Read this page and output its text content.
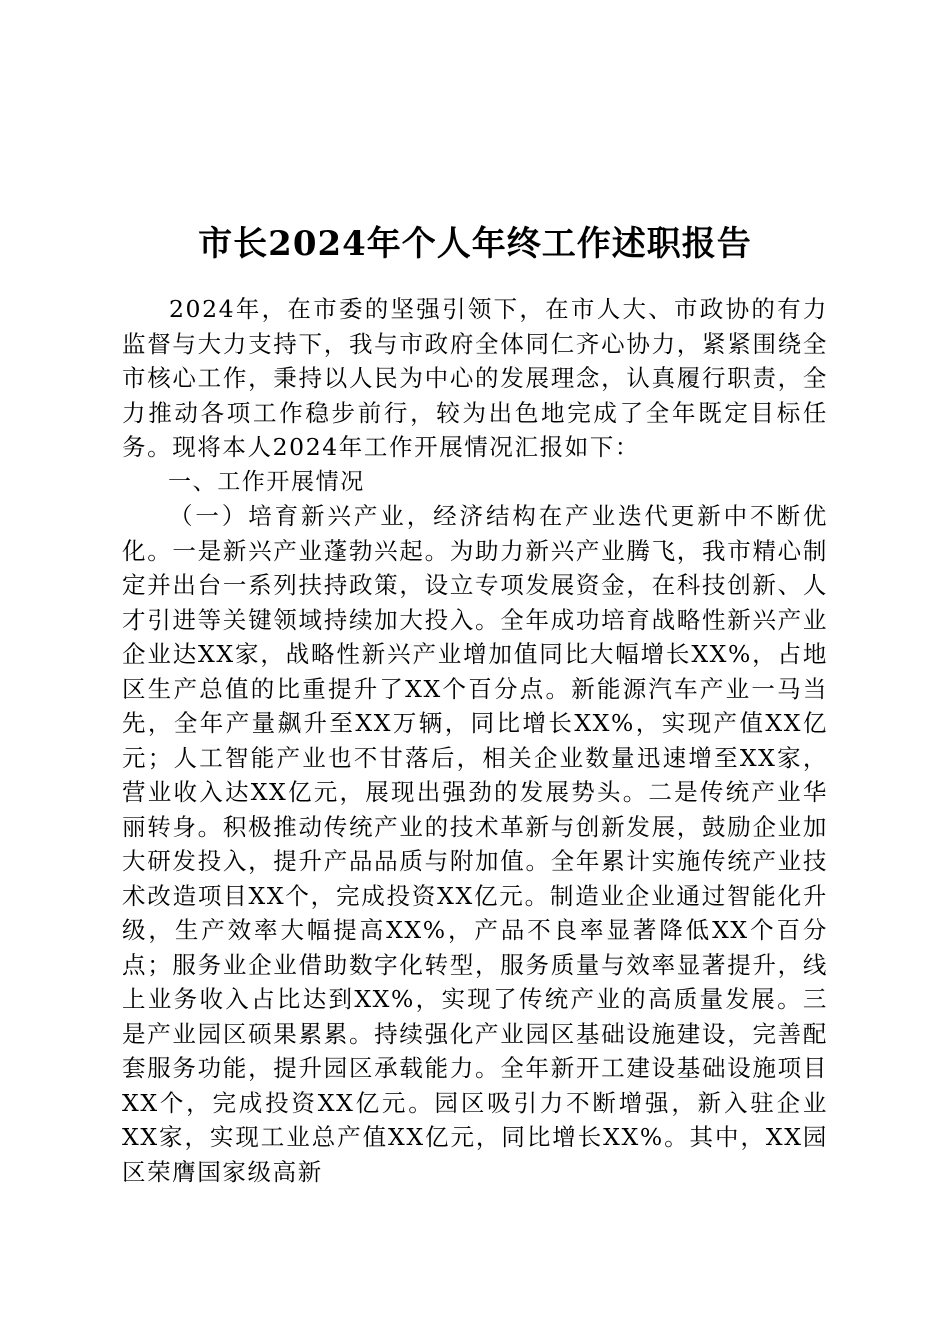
市长2024年个人年终工作述职报告

2024年，在市委的坚强引领下，在市人大、市政协的有力监督与大力支持下，我与市政府全体同仁齐心协力，紧紧围绕全市核心工作，秉持以人民为中心的发展理念，认真履行职责，全力推动各项工作稳步前行，较为出色地完成了全年既定目标任务。现将本人2024年工作开展情况汇报如下：

一、工作开展情况

（一）培育新兴产业，经济结构在产业迭代更新中不断优化。一是新兴产业蓬勃兴起。为助力新兴产业腾飞，我市精心制定并出台一系列扶持政策，设立专项发展资金，在科技创新、人才引进等关键领域持续加大投入。全年成功培育战略性新兴产业企业达XX家，战略性新兴产业增加值同比大幅增长XX%，占地区生产总值的比重提升了XX个百分点。新能源汽车产业一马当先，全年产量飙升至XX万辆，同比增长XX%，实现产值XX亿元；人工智能产业也不甘落后，相关企业数量迅速增至XX家，营业收入达XX亿元，展现出强劲的发展势头。二是传统产业华丽转身。积极推动传统产业的技术革新与创新发展，鼓励企业加大研发投入，提升产品品质与附加值。全年累计实施传统产业技术改造项目XX个，完成投资XX亿元。制造业企业通过智能化升级，生产效率大幅提高XX%，产品不良率显著降低XX个百分点；服务业企业借助数字化转型，服务质量与效率显著提升，线上业务收入占比达到XX%，实现了传统产业的高质量发展。三是产业园区硕果累累。持续强化产业园区基础设施建设，完善配套服务功能，提升园区承载能力。全年新开工建设基础设施项目XX个，完成投资XX亿元。园区吸引力不断增强，新入驻企业XX家，实现工业总产值XX亿元，同比增长XX%。其中，XX园区荣膺国家级高新
